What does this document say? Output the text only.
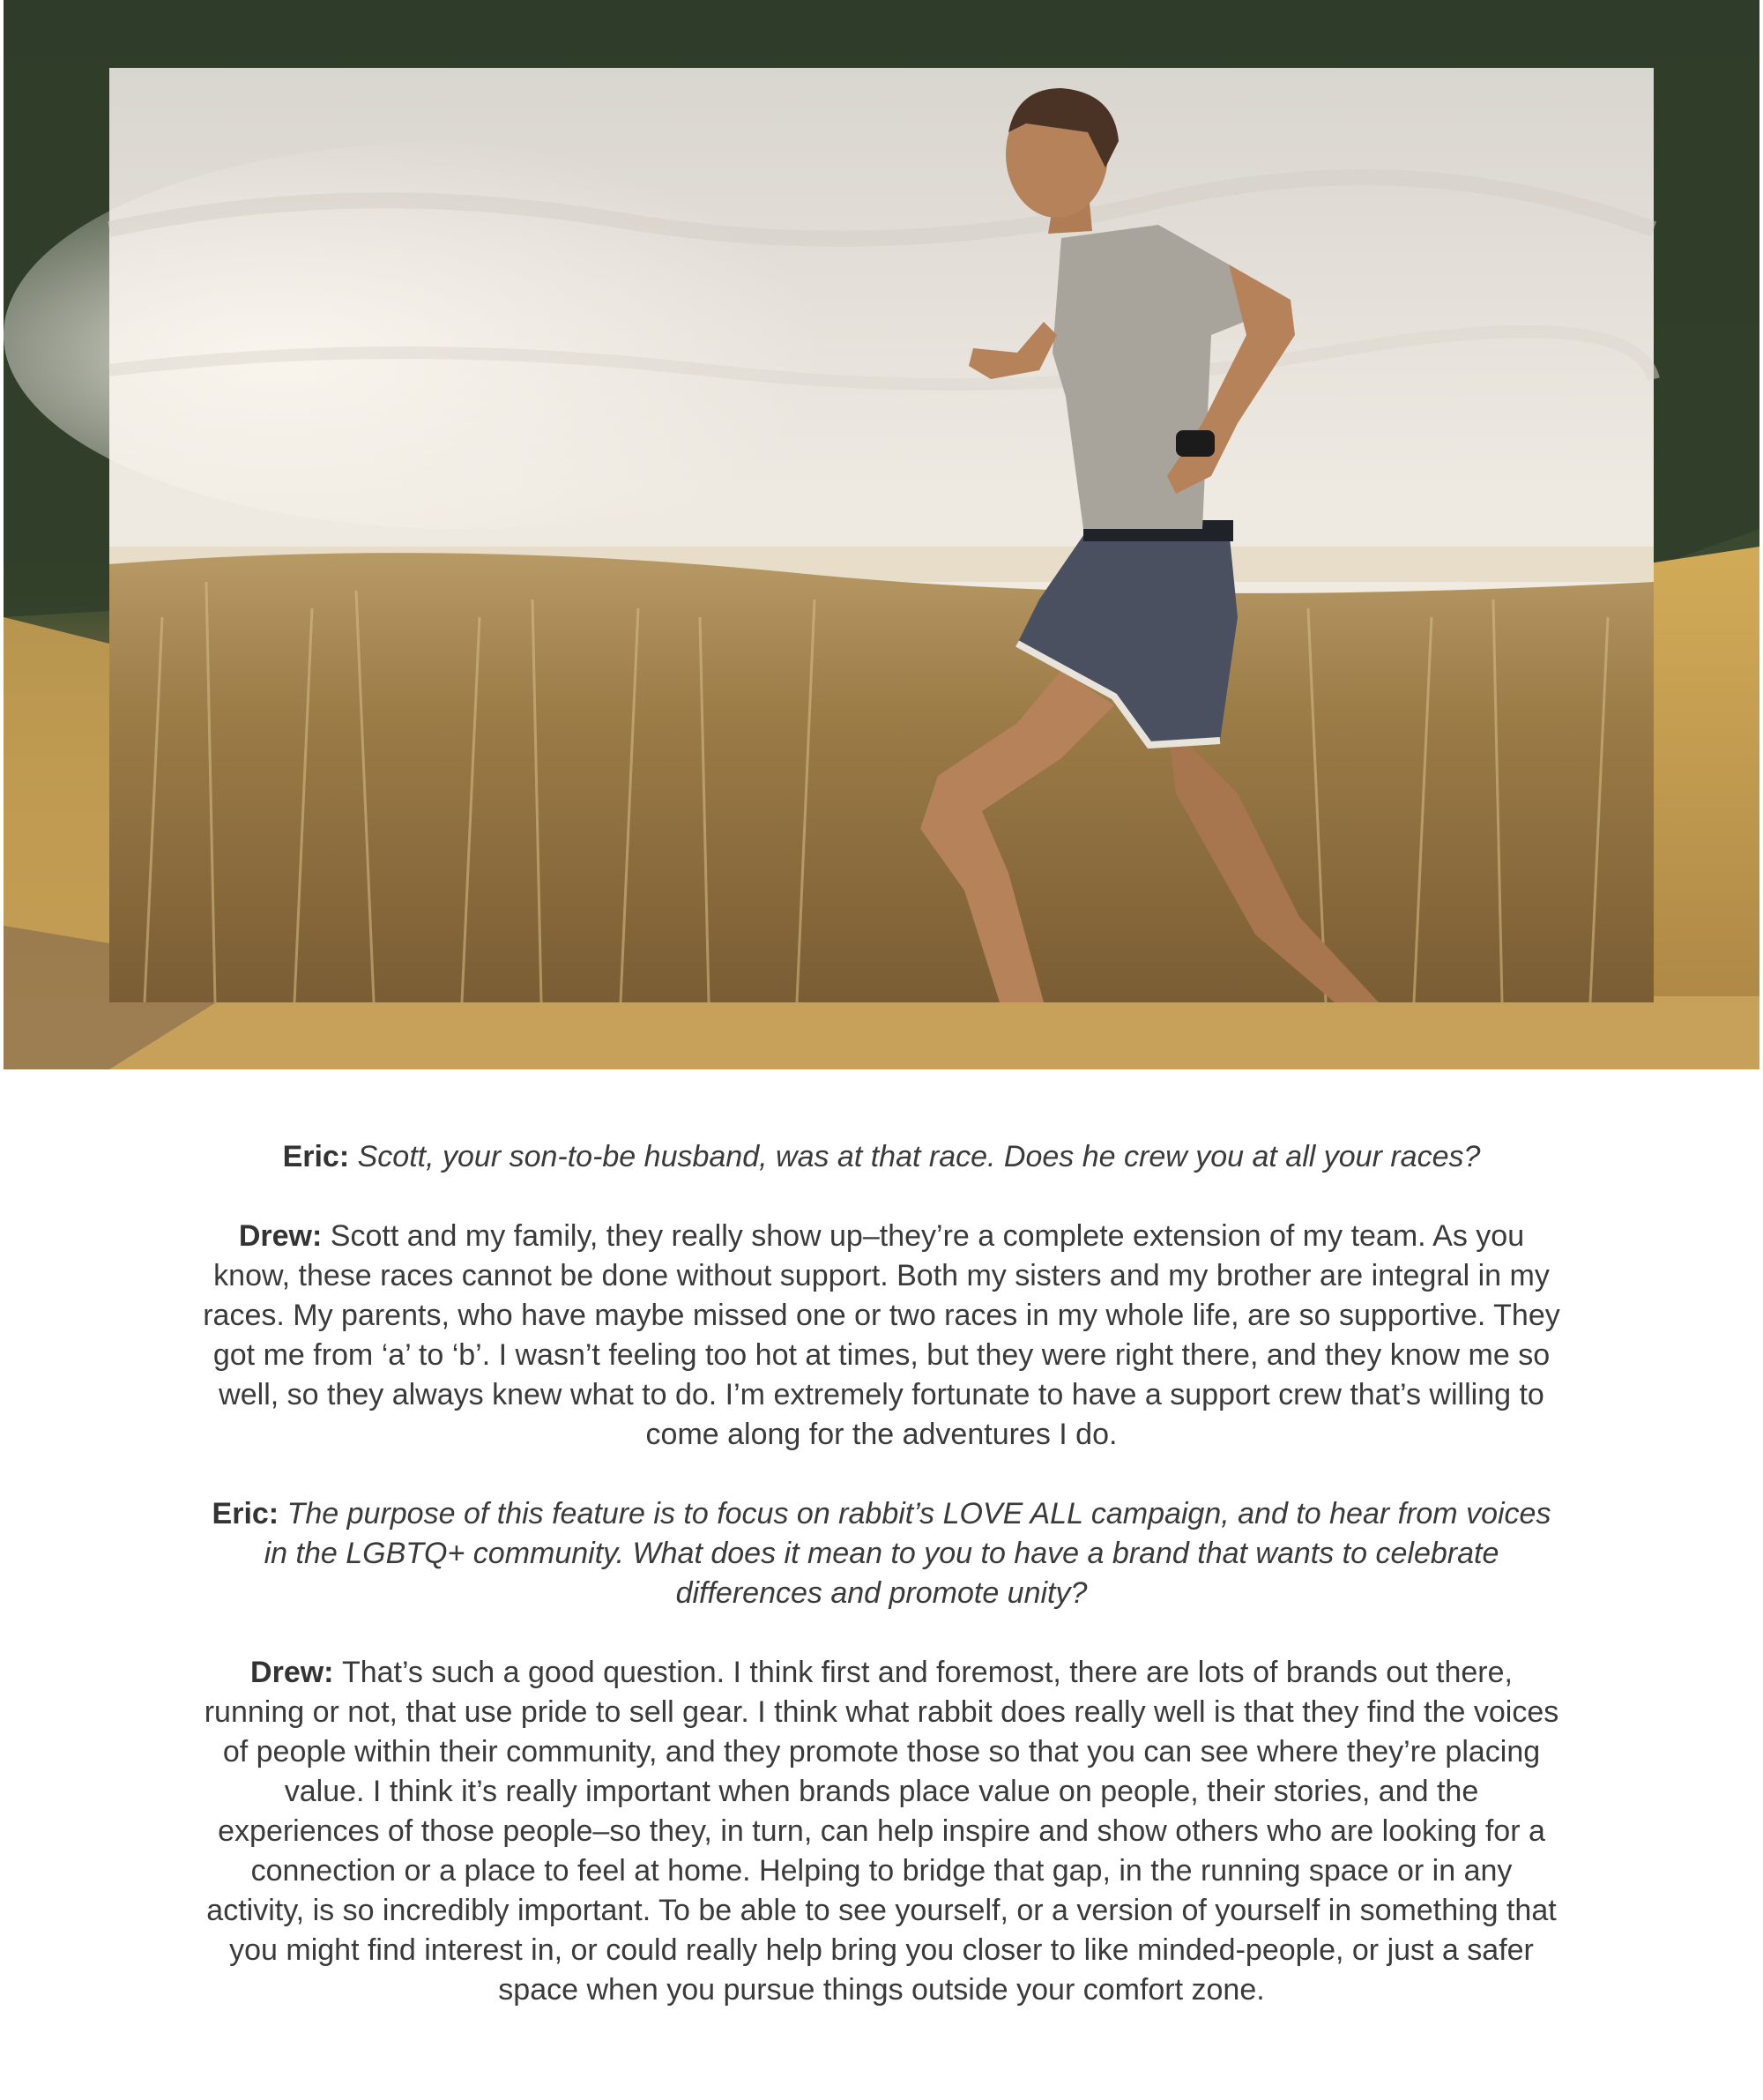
Eric: Scott, your son-to-be husband, was at that race. Does he crew you at all your races?

Drew: Scott and my family, they really show up–they’re a complete extension of my team. As you know, these races cannot be done without support. Both my sisters and my brother are integral in my races. My parents, who have maybe missed one or two races in my whole life, are so supportive. They got me from ‘a’ to ‘b’. I wasn’t feeling too hot at times, but they were right there, and they know me so well, so they always knew what to do. I’m extremely fortunate to have a support crew that’s willing to come along for the adventures I do.

Eric: The purpose of this feature is to focus on rabbit’s LOVE ALL campaign, and to hear from voices in the LGBTQ+ community. What does it mean to you to have a brand that wants to celebrate differences and promote unity?

Drew: That’s such a good question. I think first and foremost, there are lots of brands out there, running or not, that use pride to sell gear. I think what rabbit does really well is that they find the voices of people within their community, and they promote those so that you can see where they’re placing value. I think it’s really important when brands place value on people, their stories, and the experiences of those people–so they, in turn, can help inspire and show others who are looking for a connection or a place to feel at home. Helping to bridge that gap, in the running space or in any activity, is so incredibly important. To be able to see yourself, or a version of yourself in something that you might find interest in, or could really help bring you closer to like minded-people, or just a safer space when you pursue things outside your comfort zone.
